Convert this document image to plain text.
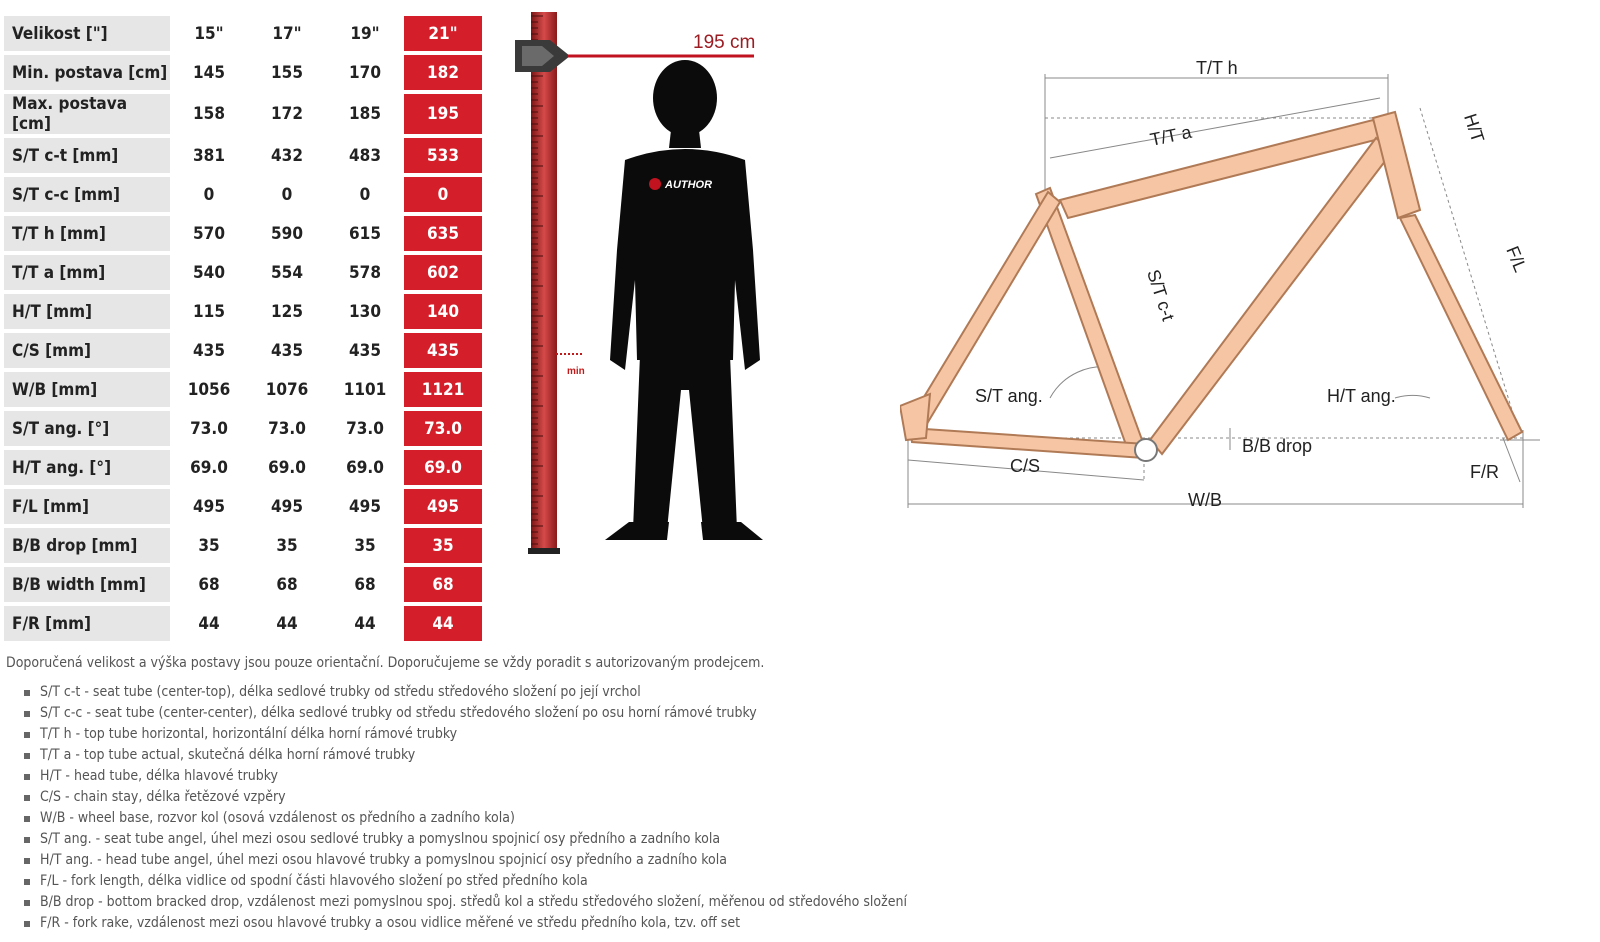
Velikost ["]	15"	17"	19"	21"
Min. postava [cm]	145	155	170	182
Max. postava [cm]	158	172	185	195
S/T c-t [mm]	381	432	483	533
S/T c-c [mm]	0	0	0	0
T/T h [mm]	570	590	615	635
T/T a [mm]	540	554	578	602
H/T [mm]	115	125	130	140
C/S [mm]	435	435	435	435
W/B [mm]	1056	1076	1101	1121
S/T ang. [°]	73.0	73.0	73.0	73.0
H/T ang. [°]	69.0	69.0	69.0	69.0
F/L [mm]	495	495	495	495
B/B drop [mm]	35	35	35	35
B/B width [mm]	68	68	68	68
F/R [mm]	44	44	44	44
195 cm
min
AUTHOR
T/T h
T/T a	H/T
S/T c-t
F/L
S/T ang.	H/T ang.
B/B drop
C/S	F/R
W/B
Doporučená velikost a výška postavy jsou pouze orientační. Doporučujeme se vždy poradit s autorizovaným prodejcem.
S/T c-t - seat tube (center-top), délka sedlové trubky od středu středového složení po její vrchol
S/T c-c - seat tube (center-center), délka sedlové trubky od středu středového složení po osu horní rámové trubky
T/T h - top tube horizontal, horizontální délka horní rámové trubky
T/T a - top tube actual, skutečná délka horní rámové trubky
H/T - head tube, délka hlavové trubky
C/S - chain stay, délka řetězové vzpěry
W/B - wheel base, rozvor kol (osová vzdálenost os předního a zadního kola)
S/T ang. - seat tube angel, úhel mezi osou sedlové trubky a pomyslnou spojnicí osy předního a zadního kola
H/T ang. - head tube angel, úhel mezi osou hlavové trubky a pomyslnou spojnicí osy předního a zadního kola
F/L - fork length, délka vidlice od spodní části hlavového složení po střed předního kola
B/B drop - bottom bracked drop, vzdálenost mezi pomyslnou spoj. středů kol a středu středového složení, měřenou od středového složení
F/R - fork rake, vzdálenost mezi osou hlavové trubky a osou vidlice měřené ve středu předního kola, tzv. off set
